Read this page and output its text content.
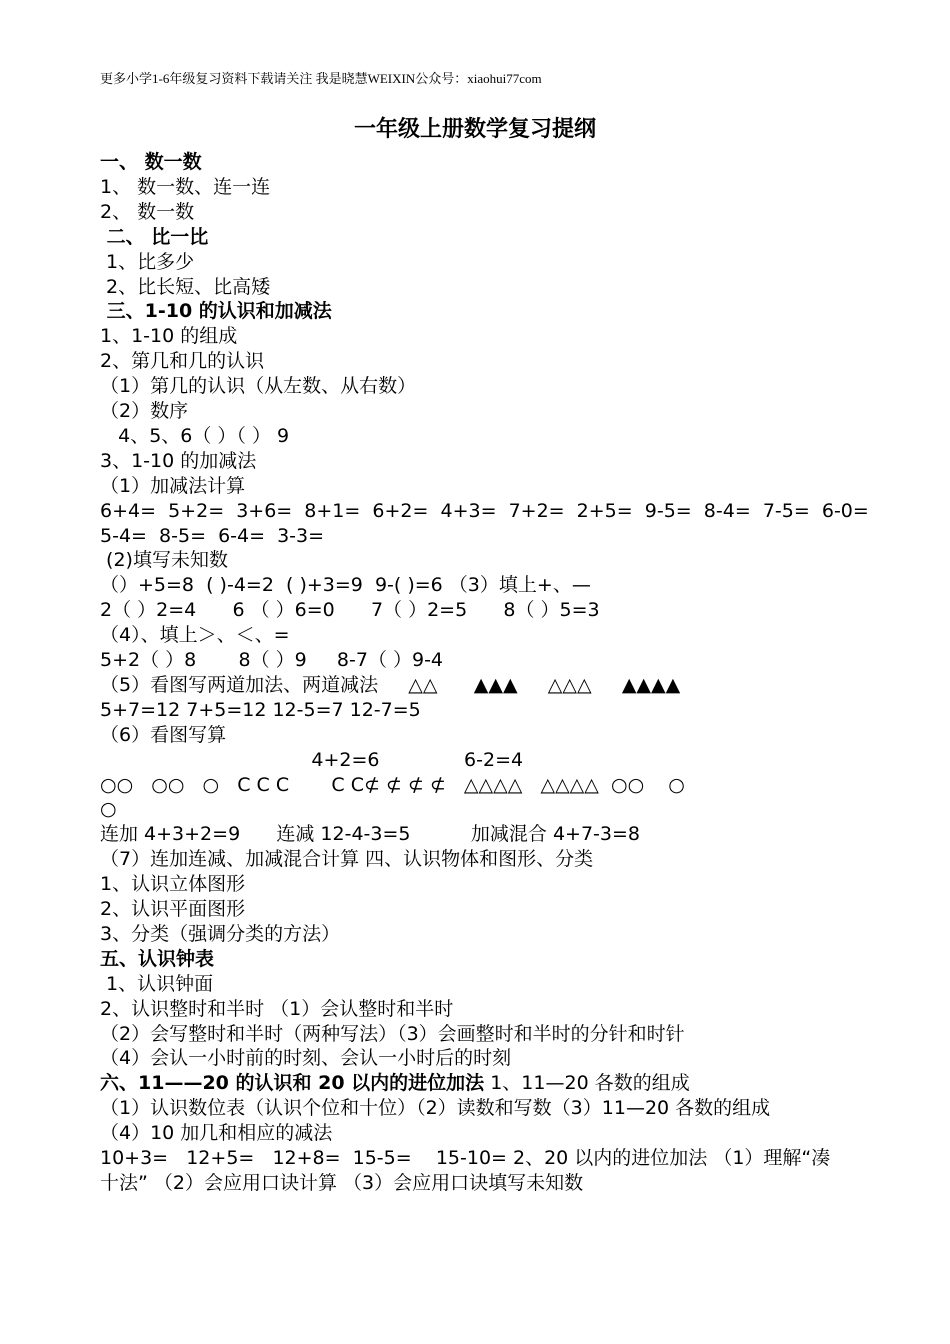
更多小学1-6年级复习资料下载请关注 我是晓慧WEIXIN公众号：xiaohui77com
一年级上册数学复习提纲
一、 数一数
1、 数一数、连一连
2、 数一数
二、 比一比
1、比多少
2、比长短、比高矮
三、1-10 的认识和加减法
1、1-10 的组成
2、第几和几的认识
（1）第几的认识（从左数、从右数）
（2）数序
4、5、6（ ）（ ） 9
3、1-10 的加减法
（1）加减法计算
6+4=  5+2=  3+6=  8+1=  6+2=  4+3=  7+2=  2+5=  9-5=  8-4=  7-5=  6-0=
5-4=  8-5=  6-4=  3-3=
(2)填写未知数
（）+5=8  ( )-4=2  ( )+3=9  9-( )=6 （3）填上+、—
2（ ）2=4      6 （ ）6=0      7（ ）2=5      8（ ）5=3
（4）、填上＞、＜、=
5+2（ ）8       8（ ）9     8-7（ ）9-4
（5）看图写两道加法、两道减法     △△      ▲▲▲     △△△     ▲▲▲▲
5+7=12 7+5=12 12-5=7 12-7=5
（6）看图写算
4+2=6              6-2=4
○○   ○○   ○   C C C       C C⊄ ⊄ ⊄ ⊄   △△△△   △△△△  ○○    ○
○
连加 4+3+2=9      连减 12-4-3=5          加减混合 4+7-3=8
（7）连加连减、加减混合计算 四、认识物体和图形、分类
1、认识立体图形
2、认识平面图形
3、分类（强调分类的方法）
五、认识钟表
1、认识钟面
2、认识整时和半时 （1）会认整时和半时
（2）会写整时和半时（两种写法）（3）会画整时和半时的分针和时针
（4）会认一小时前的时刻、会认一小时后的时刻
六、11——20 的认识和 20 以内的进位加法 1、11—20 各数的组成
（1）认识数位表（认识个位和十位）（2）读数和写数（3）11—20 各数的组成
（4）10 加几和相应的减法
10+3=   12+5=   12+8=  15-5=    15-10= 2、20 以内的进位加法 （1）理解“凑
十法” （2）会应用口诀计算 （3）会应用口诀填写未知数
